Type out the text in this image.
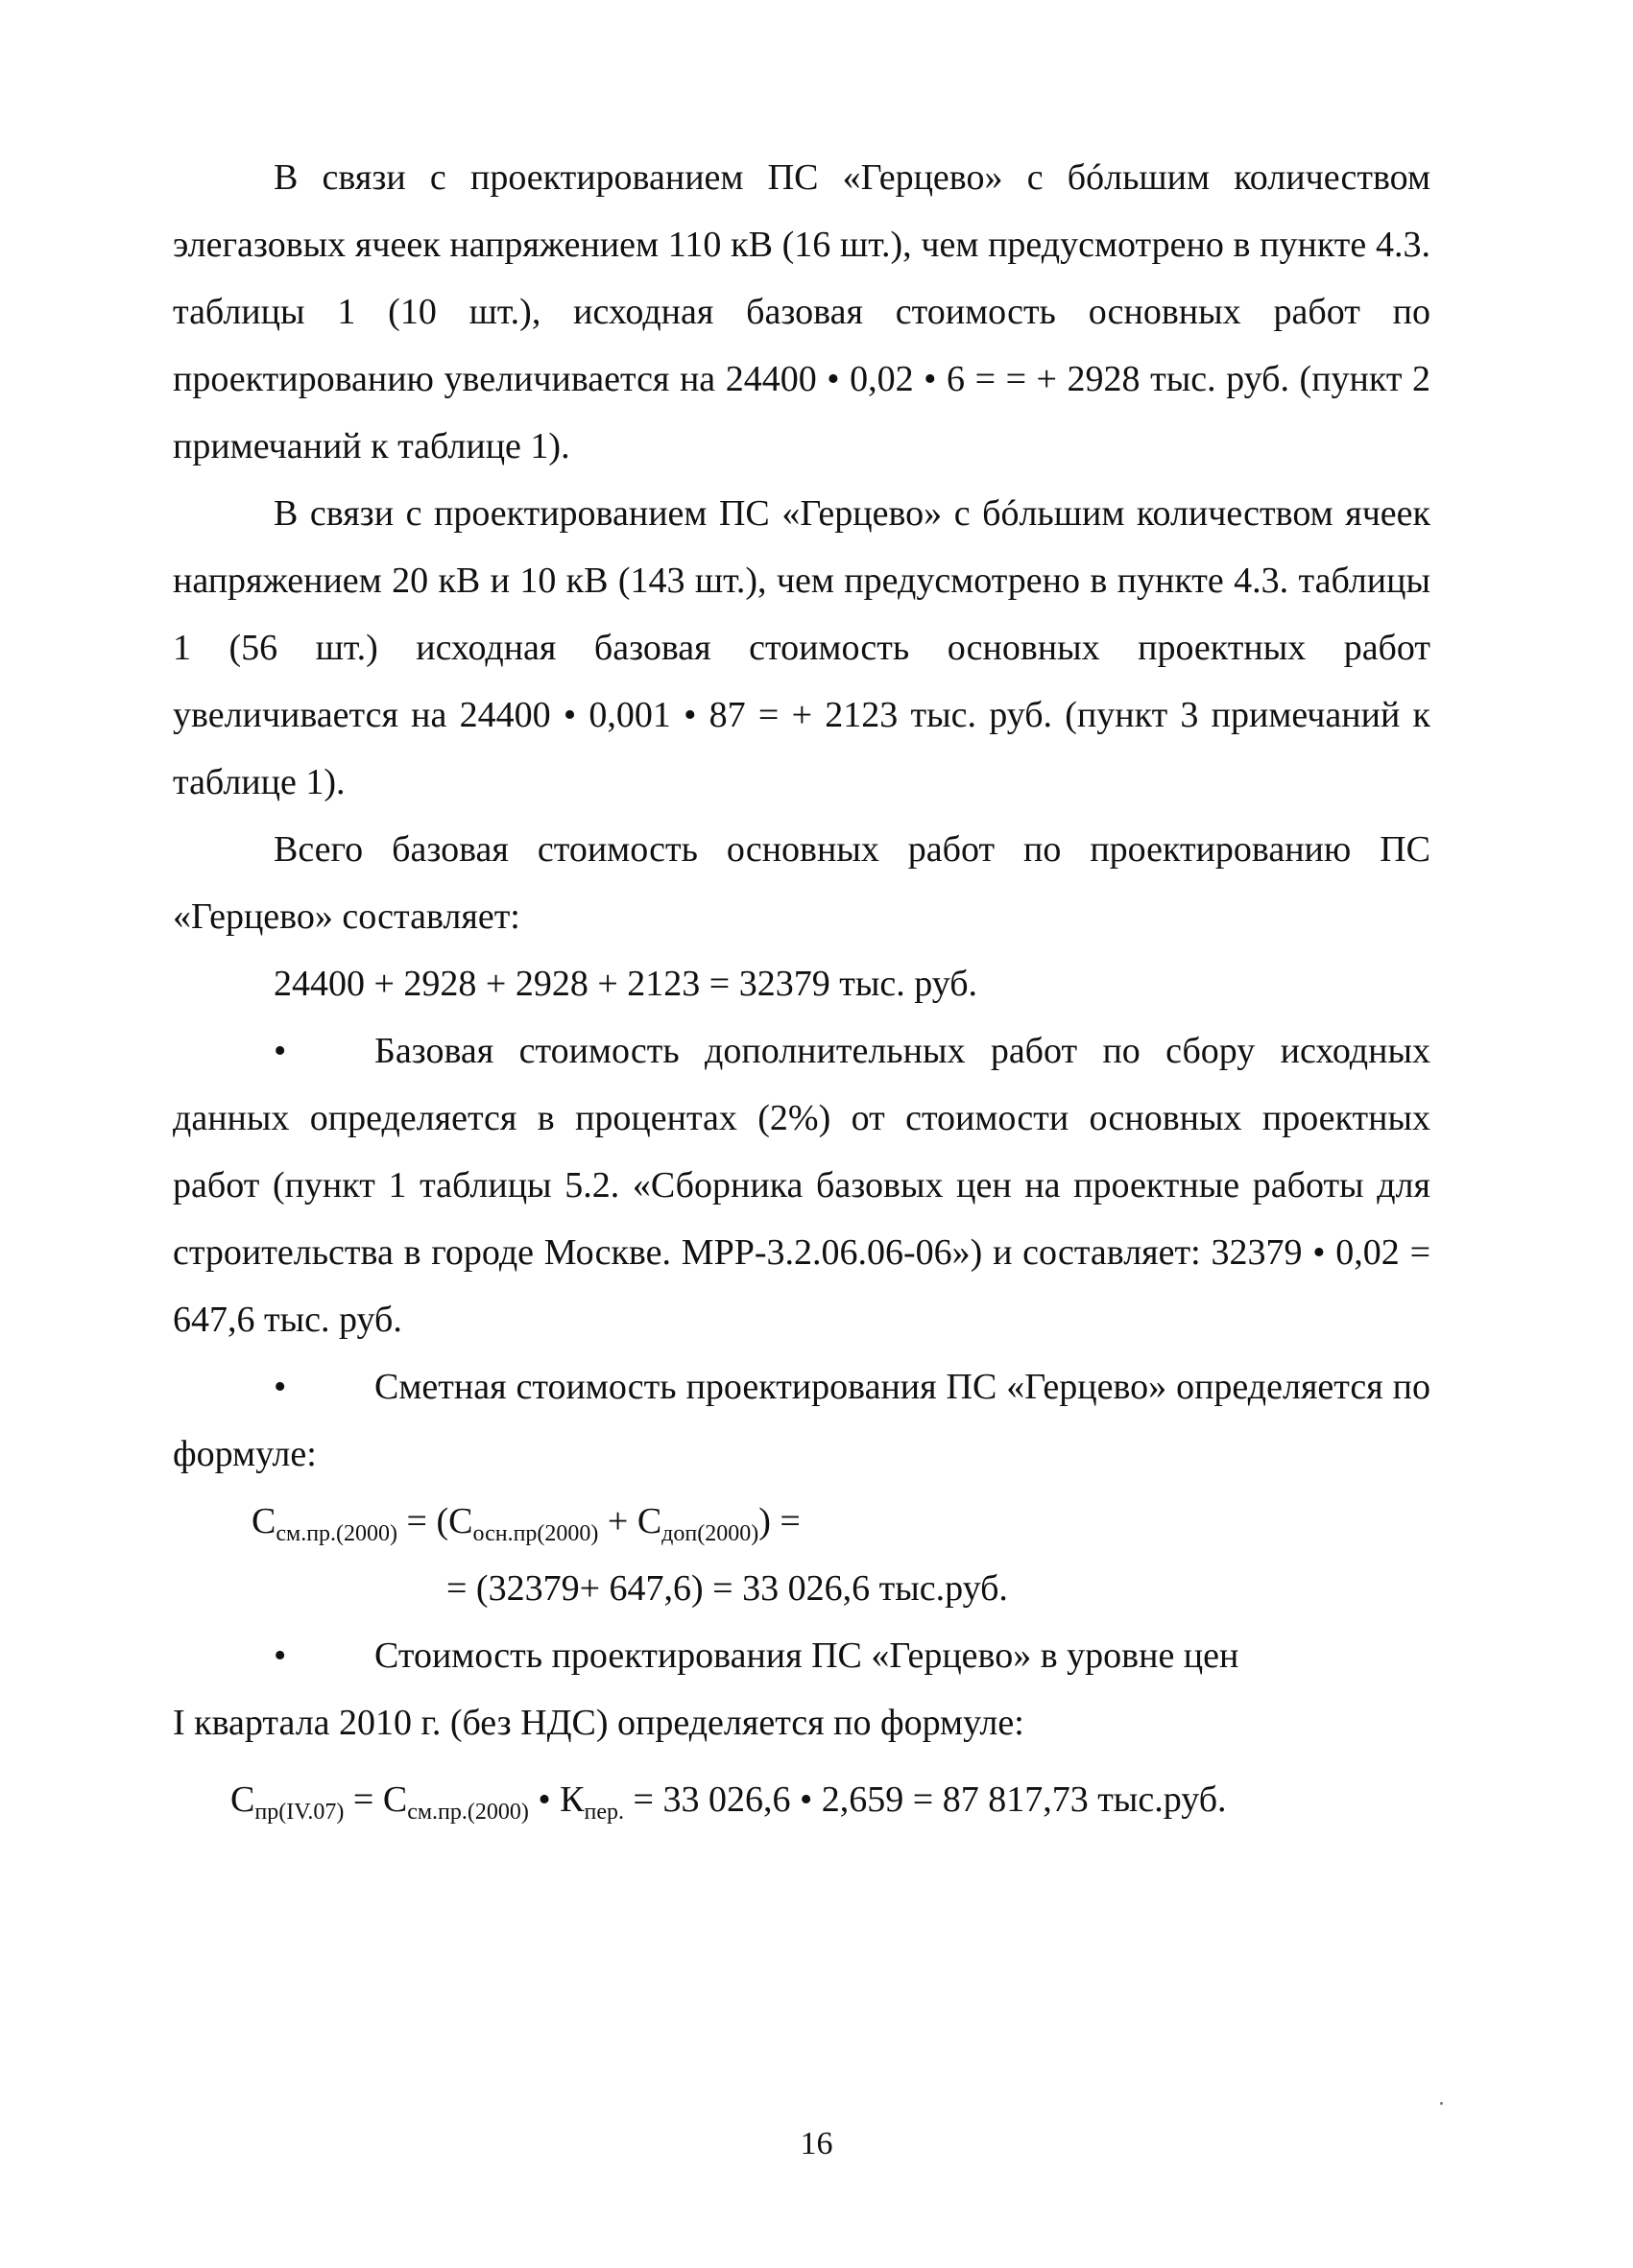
В связи с проектированием ПС «Герцево» с бóльшим количеством элегазовых ячеек напряжением 110 кВ (16 шт.), чем предусмотрено в пункте 4.3. таблицы 1 (10 шт.), исходная базовая стоимость основных работ по проектированию увеличивается на 24400 • 0,02 • 6 = = + 2928 тыс. руб. (пункт 2 примечаний к таблице 1).

В связи с проектированием ПС «Герцево» с бóльшим количеством ячеек напряжением 20 кВ и 10 кВ (143 шт.), чем предусмотрено в пункте 4.3. таблицы 1 (56 шт.) исходная базовая стоимость основных проектных работ увеличивается на 24400 • 0,001 • 87 = + 2123 тыс. руб. (пункт 3 примечаний к таблице 1).

Всего базовая стоимость основных работ по проектированию ПС «Герцево» составляет:

24400 + 2928 + 2928 + 2123 = 32379 тыс. руб.

• Базовая стоимость дополнительных работ по сбору исходных данных определяется в процентах (2%) от стоимости основных проектных работ (пункт 1 таблицы 5.2. «Сборника базовых цен на проектные работы для строительства в городе Москве. МРР-3.2.06.06-06») и составляет: 32379 • 0,02 = 647,6 тыс. руб.

• Сметная стоимость проектирования ПС «Герцево» определяется по формуле:

$С_{см.пр.(2000)} = (С_{осн.пр(2000)} + С_{доп(2000)})$ =
= (32379+ 647,6) = 33 026,6 тыс.руб.
• Стоимость проектирования ПС «Герцево» в уровне цен
I квартала 2010 г. (без НДС) определяется по формуле:
$С_{пр(IV.07)} = С_{см.пр.(2000)}$ • $К_{пер.} = 33$ 026,6 • 2,659 = 87 817,73 тыс.руб.
16
